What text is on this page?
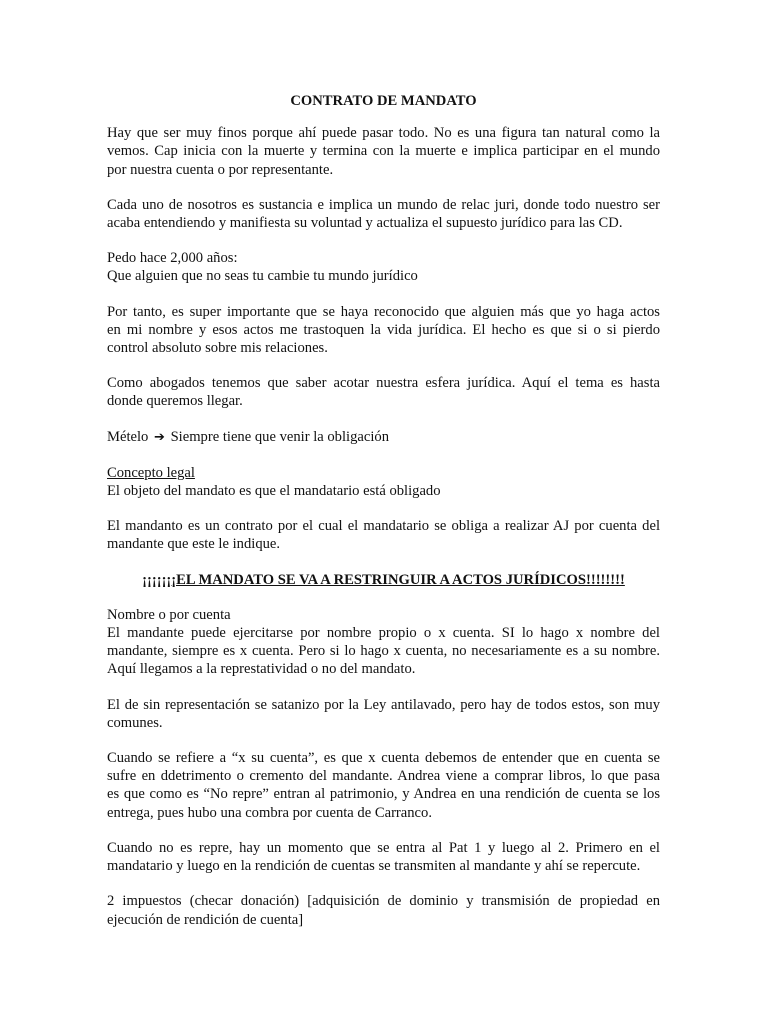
CONTRATO DE MANDATO

Hay que ser muy finos porque ahí puede pasar todo. No es una figura tan natural como la
vemos. Cap inicia con la muerte y termina con la muerte e implica participar en el mundo
por nuestra cuenta o por representante.

Cada uno de nosotros es sustancia e implica un mundo de relac juri, donde todo nuestro ser
acaba entendiendo y manifiesta su voluntad y actualiza el supuesto jurídico para las CD.

Pedo hace 2,000 años:
Que alguien que no seas tu cambie tu mundo jurídico

Por tanto, es super importante que se haya reconocido que alguien más que yo haga actos
en mi nombre y esos actos me trastoquen la vida jurídica. El hecho es que si o si pierdo
control absoluto sobre mis relaciones.

Como abogados tenemos que saber acotar nuestra esfera jurídica. Aquí el tema es hasta
donde queremos llegar.

Mételo ➔ Siempre tiene que venir la obligación

Concepto legal
El objeto del mandato es que el mandatario está obligado

El mandanto es un contrato por el cual el mandatario se obliga a realizar AJ por cuenta del
mandante que este le indique.

¡¡¡¡¡¡¡EL MANDATO SE VA A RESTRINGUIR A ACTOS JURÍDICOS!!!!!!!!

Nombre o por cuenta
El mandante puede ejercitarse por nombre propio o x cuenta. SI lo hago x nombre del
mandante, siempre es x cuenta. Pero si lo hago x cuenta, no necesariamente es a su nombre.
Aquí llegamos a la represtatividad o no del mandato.

El de sin representación se satanizo por la Ley antilavado, pero hay de todos estos, son muy
comunes.

Cuando se refiere a “x su cuenta”, es que x cuenta debemos de entender que en cuenta se
sufre en ddetrimento o cremento del mandante. Andrea viene a comprar libros, lo que pasa
es que como es “No repre” entran al patrimonio, y Andrea en una rendición de cuenta se los
entrega, pues hubo una combra por cuenta de Carranco.

Cuando no es repre, hay un momento que se entra al Pat 1 y luego al 2. Primero en el
mandatario y luego en la rendición de cuentas se transmiten al mandante y ahí se repercute.

2 impuestos (checar donación) [adquisición de dominio y transmisión de propiedad en
ejecución de rendición de cuenta]
